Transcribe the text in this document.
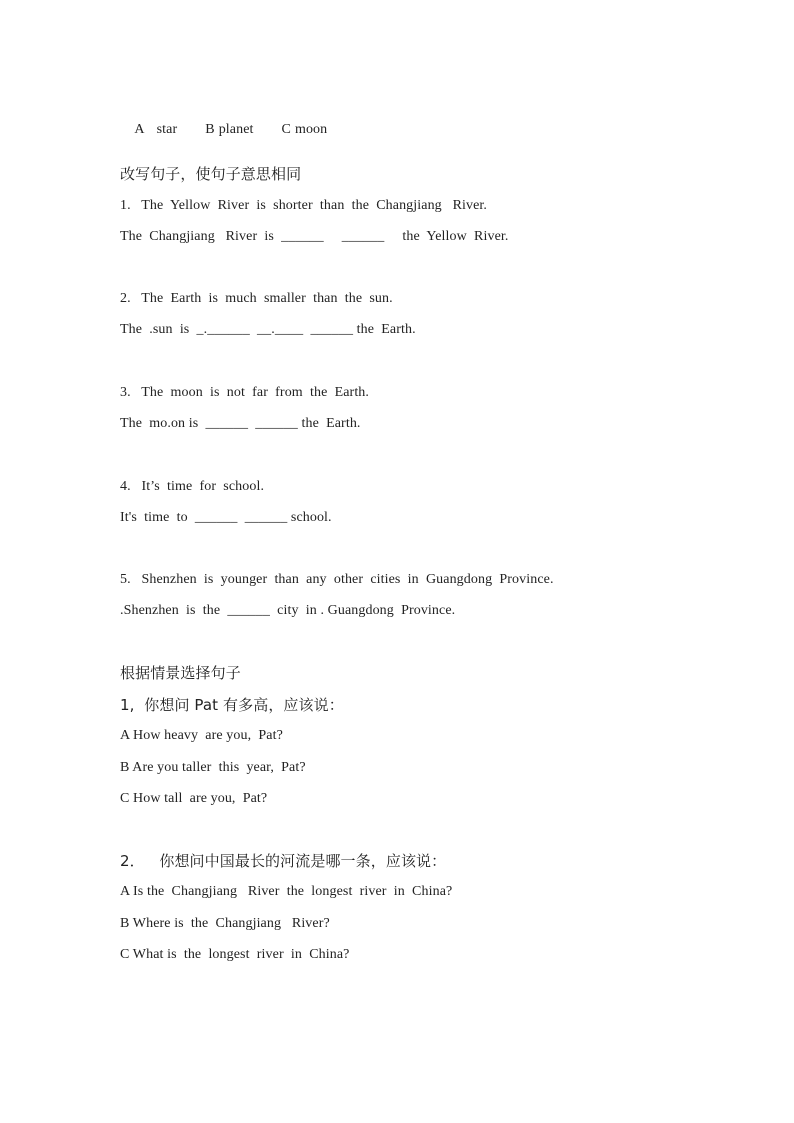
A star B planet C moon

改写句子，使句子意思相同
1.   The  Yellow  River  is  shorter  than  the  Changjiang   River.
The  Changjiang   River  is  ______     ______     the  Yellow  River.
2.   The  Earth  is  much  smaller  than  the  sun.
The  .sun  is  _.______  __.____  ______ the  Earth.
3.   The  moon  is  not  far  from  the  Earth.
The  mo.on is  ______  ______ the  Earth.
4.   It’s  time  for  school.
It's  time  to  ______  ______ school.
5.   Shenzhen  is  younger  than  any  other  cities  in  Guangdong  Province.
.Shenzhen  is  the  ______  city  in . Guangdong  Province.
根据情景选择句子
1,  你想问 Pat 有多高，应该说：
A How heavy  are you,  Pat?
B Are you taller  this  year,  Pat?
C How tall  are you,  Pat?
2．   你想问中国最长的河流是哪一条，应该说：
A Is the  Changjiang   River  the  longest  river  in  China?
B Where is  the  Changjiang   River?
C What is  the  longest  river  in  China?
